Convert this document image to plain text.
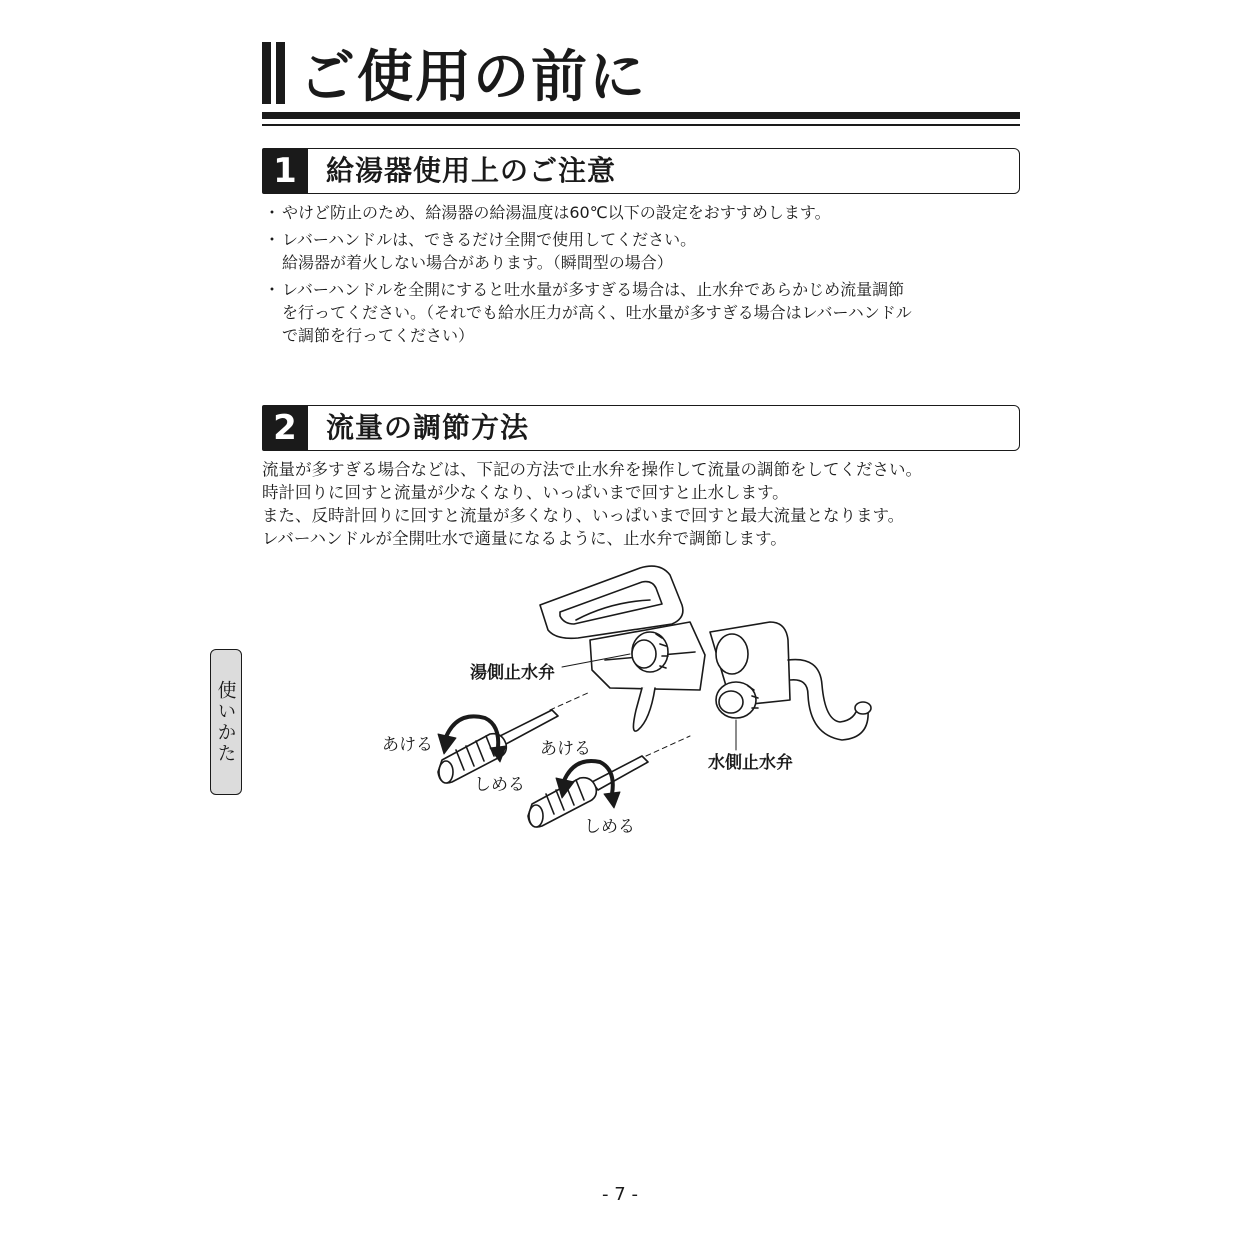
ご使用の前に
1	給湯器使用上のご注意
・ やけど防止のため、給湯器の給湯温度は60℃以下の設定をおすすめします。
・ レバーハンドルは、できるだけ全開で使用してください。
給湯器が着火しない場合があります。（瞬間型の場合）
・ レバーハンドルを全開にすると吐水量が多すぎる場合は、止水弁であらかじめ流量調節
を行ってください。（それでも給水圧力が高く、吐水量が多すぎる場合はレバーハンドル
で調節を行ってください）
2	流量の調節方法
流量が多すぎる場合などは、下記の方法で止水弁を操作して流量の調節をしてください。
時計回りに回すと流量が少なくなり、いっぱいまで回すと止水します。
また、反時計回りに回すと流量が多くなり、いっぱいまで回すと最大流量となります。
レバーハンドルが全開吐水で適量になるように、止水弁で調節します。
使いかた
湯側止水弁
水側止水弁
あける
しめる
あける
しめる
- 7 -
